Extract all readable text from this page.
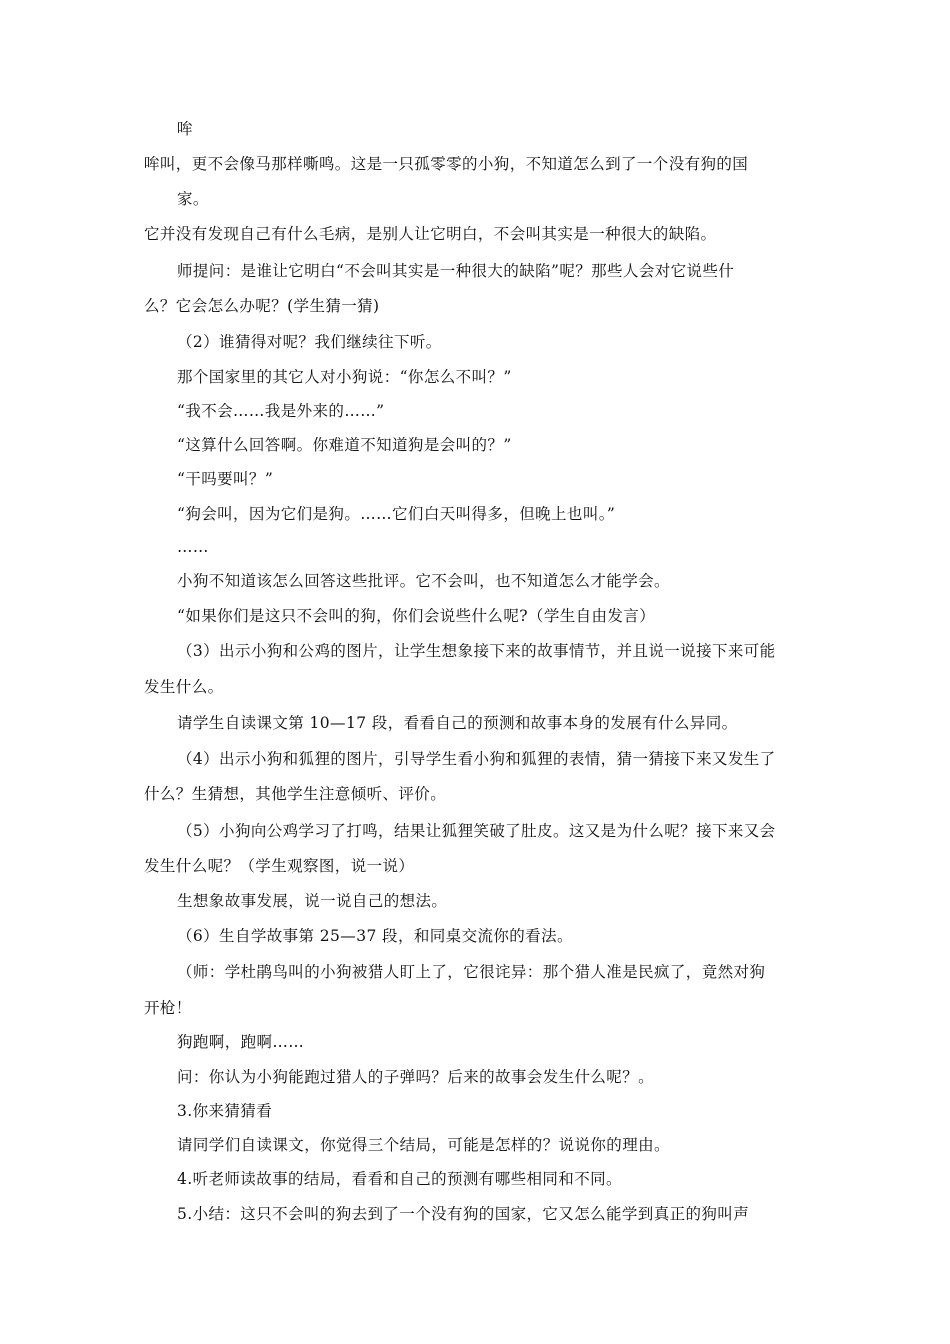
哞
哞叫，更不会像马那样嘶鸣。这是一只孤零零的小狗，不知道怎么到了一个没有狗的国
家。
它并没有发现自己有什么毛病，是别人让它明白，不会叫其实是一种很大的缺陷。
师提问：是谁让它明白“不会叫其实是一种很大的缺陷”呢？那些人会对它说些什
么？它会怎么办呢？(学生猜一猜)
（2）谁猜得对呢？我们继续往下听。
那个国家里的其它人对小狗说：“你怎么不叫？”
“我不会……我是外来的……”
“这算什么回答啊。你难道不知道狗是会叫的？”
“干吗要叫？”
“狗会叫，因为它们是狗。……它们白天叫得多，但晚上也叫。”
……
小狗不知道该怎么回答这些批评。它不会叫，也不知道怎么才能学会。
“如果你们是这只不会叫的狗，你们会说些什么呢?（学生自由发言）
（3）出示小狗和公鸡的图片，让学生想象接下来的故事情节，并且说一说接下来可能
发生什么。
请学生自读课文第 10—17 段，看看自己的预测和故事本身的发展有什么异同。
（4）出示小狗和狐狸的图片，引导学生看小狗和狐狸的表情，猜一猜接下来又发生了
什么？生猜想，其他学生注意倾听、评价。
（5）小狗向公鸡学习了打鸣，结果让狐狸笑破了肚皮。这又是为什么呢？接下来又会
发生什么呢？（学生观察图，说一说）
生想象故事发展，说一说自己的想法。
（6）生自学故事第 25—37 段，和同桌交流你的看法。
（师：学杜鹃鸟叫的小狗被猎人盯上了，它很诧异：那个猎人准是民疯了，竟然对狗
开枪！
狗跑啊，跑啊……
问：你认为小狗能跑过猎人的子弹吗？后来的故事会发生什么呢？。
3.你来猜猜看
请同学们自读课文，你觉得三个结局，可能是怎样的？说说你的理由。
4.听老师读故事的结局，看看和自己的预测有哪些相同和不同。
5.小结：这只不会叫的狗去到了一个没有狗的国家，它又怎么能学到真正的狗叫声
